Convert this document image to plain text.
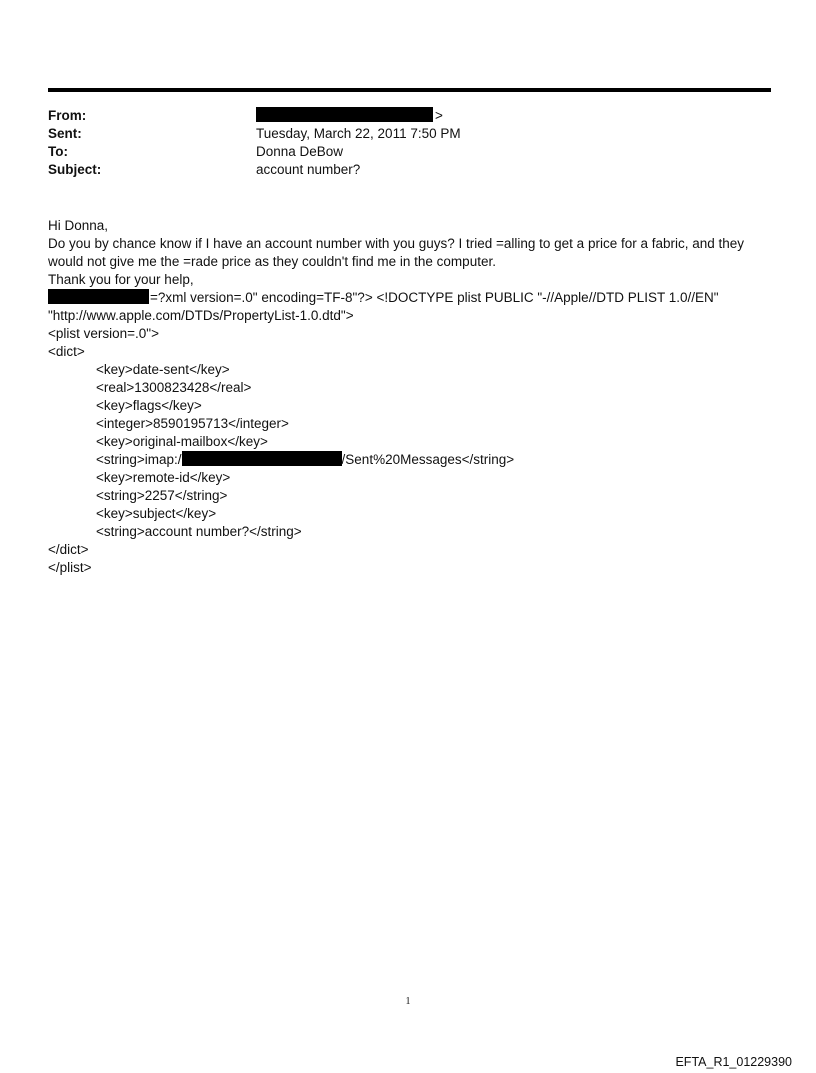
From:	>
Sent:	Tuesday, March 22, 2011 7:50 PM
To:	Donna DeBow
Subject:	account number?
Hi Donna,
Do you by chance know if I have an account number with you guys? I tried =alling to get a price for a fabric, and they
would not give me the =rade price as they couldn't find me in the computer.
Thank you for your help,
=?xml version=.0" encoding=TF-8"?> <!DOCTYPE plist PUBLIC "-//Apple//DTD PLIST 1.0//EN"
"http://www.apple.com/DTDs/PropertyList-1.0.dtd">
<plist version=.0">
<dict>
<key>date-sent</key>
<real>1300823428</real>
<key>flags</key>
<integer>8590195713</integer>
<key>original-mailbox</key>
<string>imap:/	/Sent%20Messages</string>
<key>remote-id</key>
<string>2257</string>
<key>subject</key>
<string>account number?</string>
</dict>
</plist>
1
EFTA_R1_01229390
